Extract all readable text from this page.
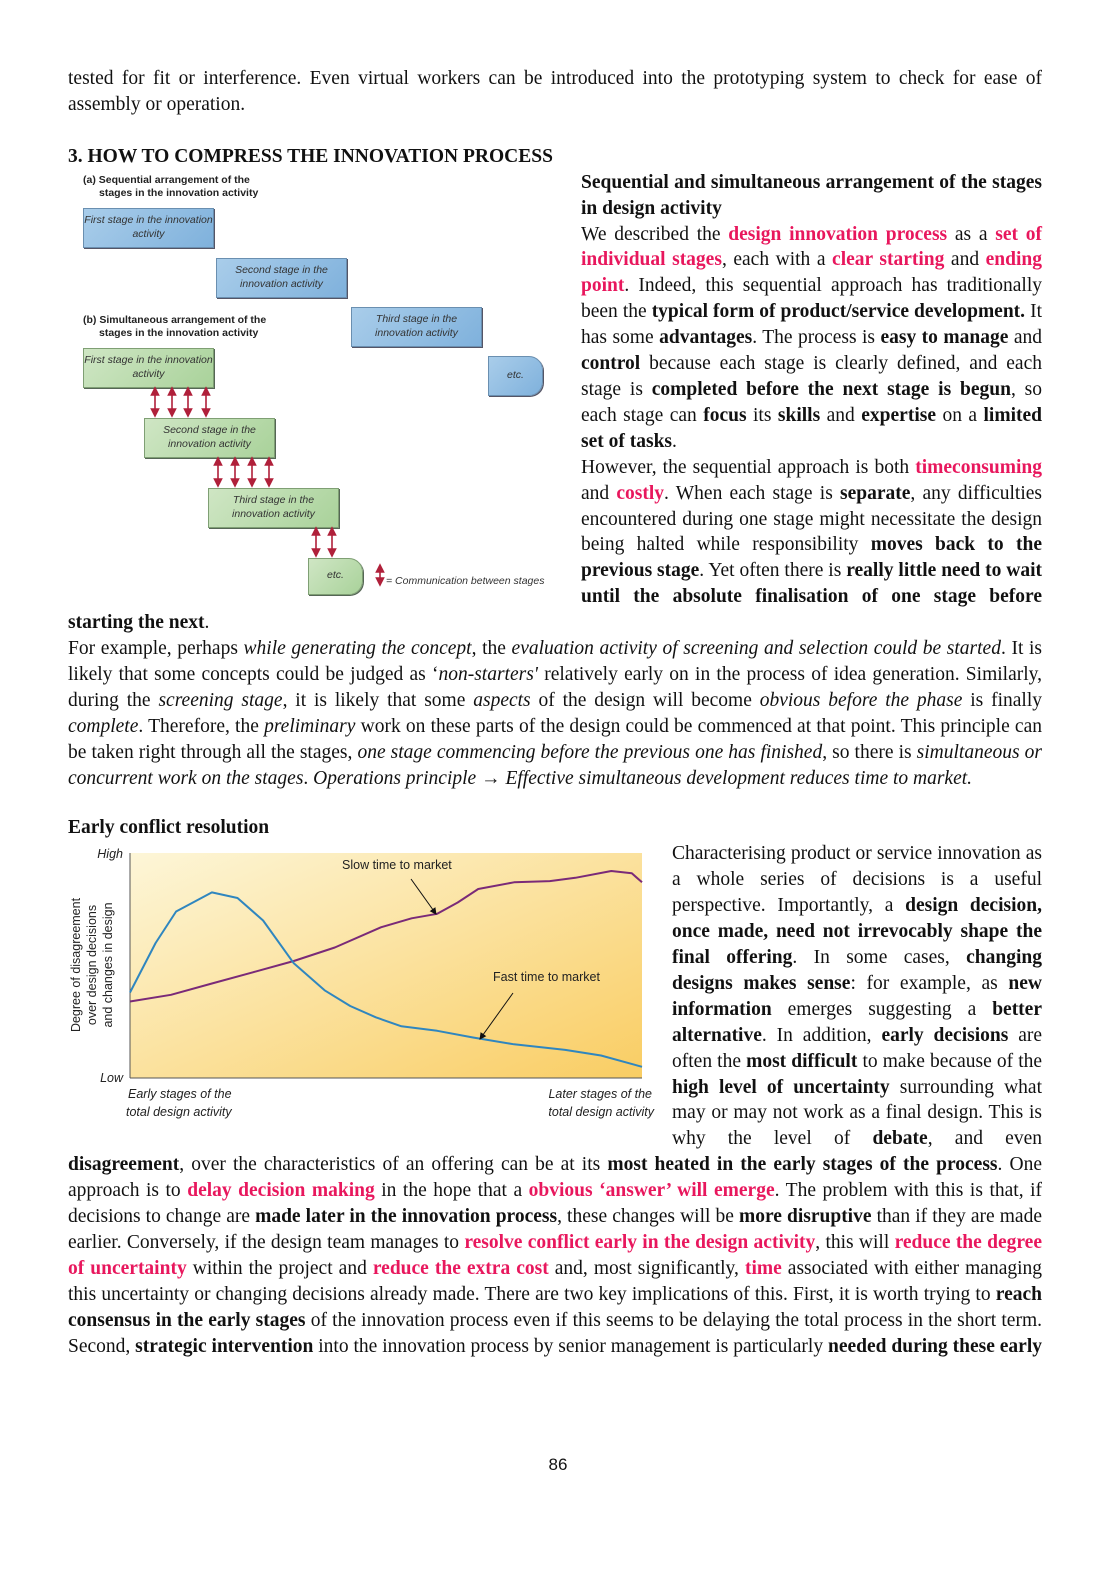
tested for fit or interference. Even virtual workers can be introduced into the prototyping system to check for ease of assembly or operation.

3. HOW TO COMPRESS THE INNOVATION PROCESS

(a) Sequential arrangement of the
stages in the innovation activity
First stage in the innovation activity
Second stage in the innovation activity
Third stage in the innovation activity
etc.
(b) Simultaneous arrangement of the
stages in the innovation activity
First stage in the innovation activity
Second stage in the innovation activity
Third stage in the innovation activity
etc.	= Communication between stages

Sequential and simultaneous arrangement of the stages in design activity

We described the design innovation process as a set of individual stages, each with a clear starting and ending point. Indeed, this sequential approach has traditionally been the typical form of product/service development. It has some advantages. The process is easy to manage and control because each stage is clearly defined, and each stage is completed before the next stage is begun, so each stage can focus its skills and expertise on a limited set of tasks.

However, the sequential approach is both timeconsuming and costly. When each stage is separate, any difficulties encountered during one stage might necessitate the design being halted while responsibility moves back to the previous stage. Yet often there is really little need to wait until the absolute finalisation of one stage before starting the next.

For example, perhaps while generating the concept, the evaluation activity of screening and selection could be started. It is likely that some concepts could be judged as ‘non-starters' relatively early on in the process of idea generation. Similarly, during the screening stage, it is likely that some aspects of the design will become obvious before the phase is finally complete. Therefore, the preliminary work on these parts of the design could be commenced at that point. This principle can be taken right through all the stages, one stage commencing before the previous one has finished, so there is simultaneous or concurrent work on the stages. Operations principle → Effective simultaneous development reduces time to market.

Early conflict resolution

Slow time to market
Fast time to market
High
Low
Early stages of the
total design activity
Later stages of the
total design activity
Degree of disagreement over design decisions and changes in design

Characterising product or service innovation as a whole series of decisions is a useful perspective. Importantly, a design decision, once made, need not irrevocably shape the final offering. In some cases, changing designs makes sense: for example, as new information emerges suggesting a better alternative. In addition, early decisions are often the most difficult to make because of the high level of uncertainty surrounding what may or may not work as a final design. This is why the level of debate, and even disagreement, over the characteristics of an offering can be at its most heated in the early stages of the process. One approach is to delay decision making in the hope that a obvious ‘answer’ will emerge. The problem with this is that, if decisions to change are made later in the innovation process, these changes will be more disruptive than if they are made earlier. Conversely, if the design team manages to resolve conflict early in the design activity, this will reduce the degree of uncertainty within the project and reduce the extra cost and, most significantly, time associated with either managing this uncertainty or changing decisions already made. There are two key implications of this. First, it is worth trying to reach consensus in the early stages of the innovation process even if this seems to be delaying the total process in the short term. Second, strategic intervention into the innovation process by senior management is particularly needed during these early

86
